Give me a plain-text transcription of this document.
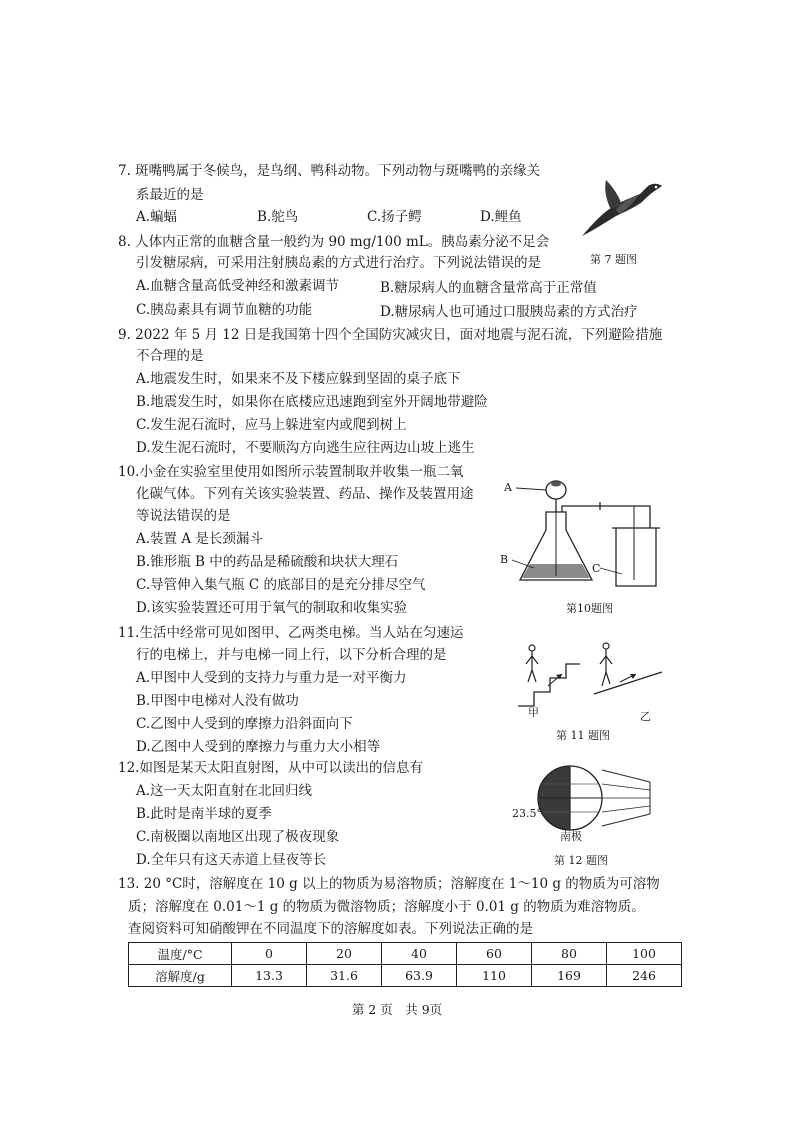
7. 斑嘴鸭属于冬候鸟，是鸟纲、鸭科动物。下列动物与斑嘴鸭的亲缘关
系最近的是
A.蝙蝠	B.鸵鸟	C.扬子鳄	D.鲤鱼
第 7 题图
8. 人体内正常的血糖含量一般约为 90 mg/100 mL。胰岛素分泌不足会
引发糖尿病，可采用注射胰岛素的方式进行治疗。下列说法错误的是
A.血糖含量高低受神经和激素调节	B.糖尿病人的血糖含量常高于正常值
C.胰岛素具有调节血糖的功能	D.糖尿病人也可通过口服胰岛素的方式治疗
9. 2022 年 5 月 12 日是我国第十四个全国防灾减灾日，面对地震与泥石流，下列避险措施
不合理的是
A.地震发生时，如果来不及下楼应躲到坚固的桌子底下
B.地震发生时，如果你在底楼应迅速跑到室外开阔地带避险
C.发生泥石流时，应马上躲进室内或爬到树上
D.发生泥石流时，不要顺沟方向逃生应往两边山坡上逃生
10.小金在实验室里使用如图所示装置制取并收集一瓶二氧
化碳气体。下列有关该实验装置、药品、操作及装置用途
等说法错误的是
A.装置 A 是长颈漏斗
B.锥形瓶 B 中的药品是稀硫酸和块状大理石
C.导管伸入集气瓶 C 的底部目的是充分排尽空气
D.该实验装置还可用于氧气的制取和收集实验
A
B
C
第10题图
11.生活中经常可见如图甲、乙两类电梯。当人站在匀速运
行的电梯上，并与电梯一同上行，以下分析合理的是
A.甲图中人受到的支持力与重力是一对平衡力
B.甲图中电梯对人没有做功
C.乙图中人受到的摩擦力沿斜面向下
D.乙图中人受到的摩擦力与重力大小相等
甲	乙
第 11 题图
12.如图是某天太阳直射图，从中可以读出的信息有
A.这一天太阳直射在北回归线
B.此时是南半球的夏季
C.南极圈以南地区出现了极夜现象
D.全年只有这天赤道上昼夜等长
23.5°
南极
第 12 题图
13. 20 °C时，溶解度在 10 g 以上的物质为易溶物质；溶解度在 1～10 g 的物质为可溶物
质；溶解度在 0.01～1 g 的物质为微溶物质；溶解度小于 0.01 g 的物质为难溶物质。
查阅资料可知硝酸钾在不同温度下的溶解度如表。下列说法正确的是
温度/°C	0	20	40	60	80	100
溶解度/g	13.3	31.6	63.9	110	169	246
第 2 页　共 9页
